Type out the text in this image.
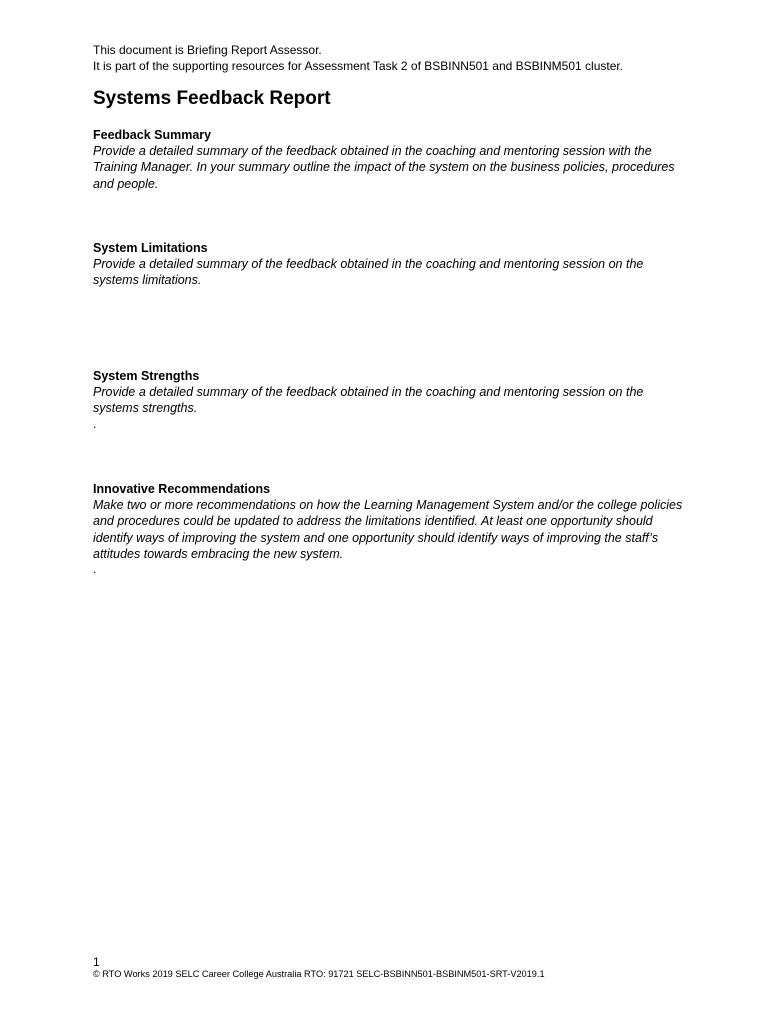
This document is Briefing Report Assessor.
It is part of the supporting resources for Assessment Task 2 of BSBINN501 and BSBINM501 cluster.
Systems Feedback Report

Feedback Summary

Provide a detailed summary of the feedback obtained in the coaching and mentoring session with the Training Manager. In your summary outline the impact of the system on the business policies, procedures and people.

System Limitations

Provide a detailed summary of the feedback obtained in the coaching and mentoring session on the systems limitations.

System Strengths

Provide a detailed summary of the feedback obtained in the coaching and mentoring session on the systems strengths.

.

Innovative Recommendations

Make two or more recommendations on how the Learning Management System and/or the college policies and procedures could be updated to address the limitations identified. At least one opportunity should identify ways of improving the system and one opportunity should identify ways of improving the staff’s attitudes towards embracing the new system.

.

1
© RTO Works 2019 SELC Career College Australia RTO: 91721 SELC-BSBINN501-BSBINM501-SRT-V2019.1
